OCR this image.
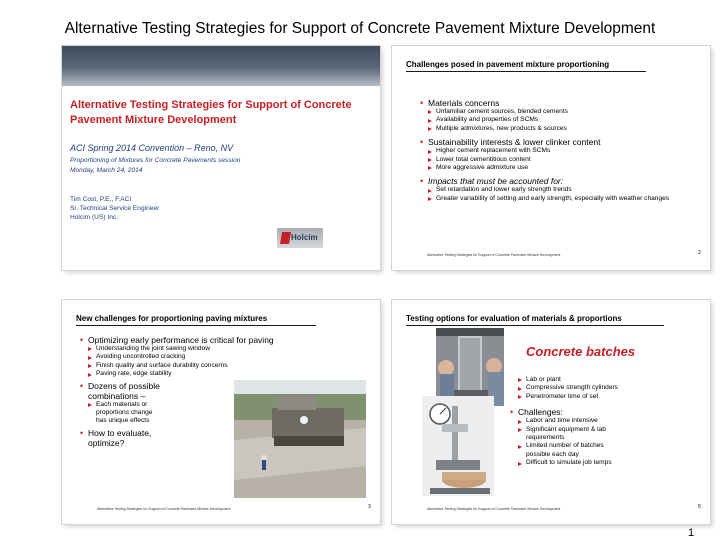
Alternative Testing Strategies for Support of Concrete Pavement Mixture Development
Alternative Testing Strategies for Support of Concrete Pavement Mixture Development
ACI Spring 2014 Convention – Reno, NV
Proportioning of Mixtures for Concrete Pavements session
Monday, March 24, 2014
Tim Cost, P.E., F.ACI
Sr. Technical Service Engineer
Holcim (US) Inc.
Holcim
Challenges posed in pavement mixture proportioning
• Materials concerns
Unfamiliar cement sources, blended cements
Availability and properties of SCMs
Multiple admixtures, new products & sources
• Sustainability interests & lower clinker content
Higher cement replacement with SCMs
Lower total cementitious content
More aggressive admixture use
• Impacts that must be accounted for:
Set retardation and lower early strength trends
Greater variability of setting and early strength, especially with weather changes
Alternative Testing Strategies for Support of Concrete Pavement Mixture Development	2
New challenges for proportioning paving mixtures
• Optimizing early performance is critical for paving
Understanding the joint sawing window
Avoiding uncontrolled cracking
Finish quality and surface durability concerns
Paving rate, edge stability
• Dozens of possible
combinations –
Each materials or
proportions change
has unique effects
• How to evaluate,
optimize?
Alternative Testing Strategies for Support of Concrete Pavement Mixture Development	3
Testing options for evaluation of materials & proportions
Concrete batches
Lab or plant
Compressive strength cylinders
Penetrometer time of set
• Challenges:
Labor and time intensive
Significant equipment & lab
requirements
Limited number of batches
possible each day
Difficult to simulate job temps
Alternative Testing Strategies for Support of Concrete Pavement Mixture Development	5
1
